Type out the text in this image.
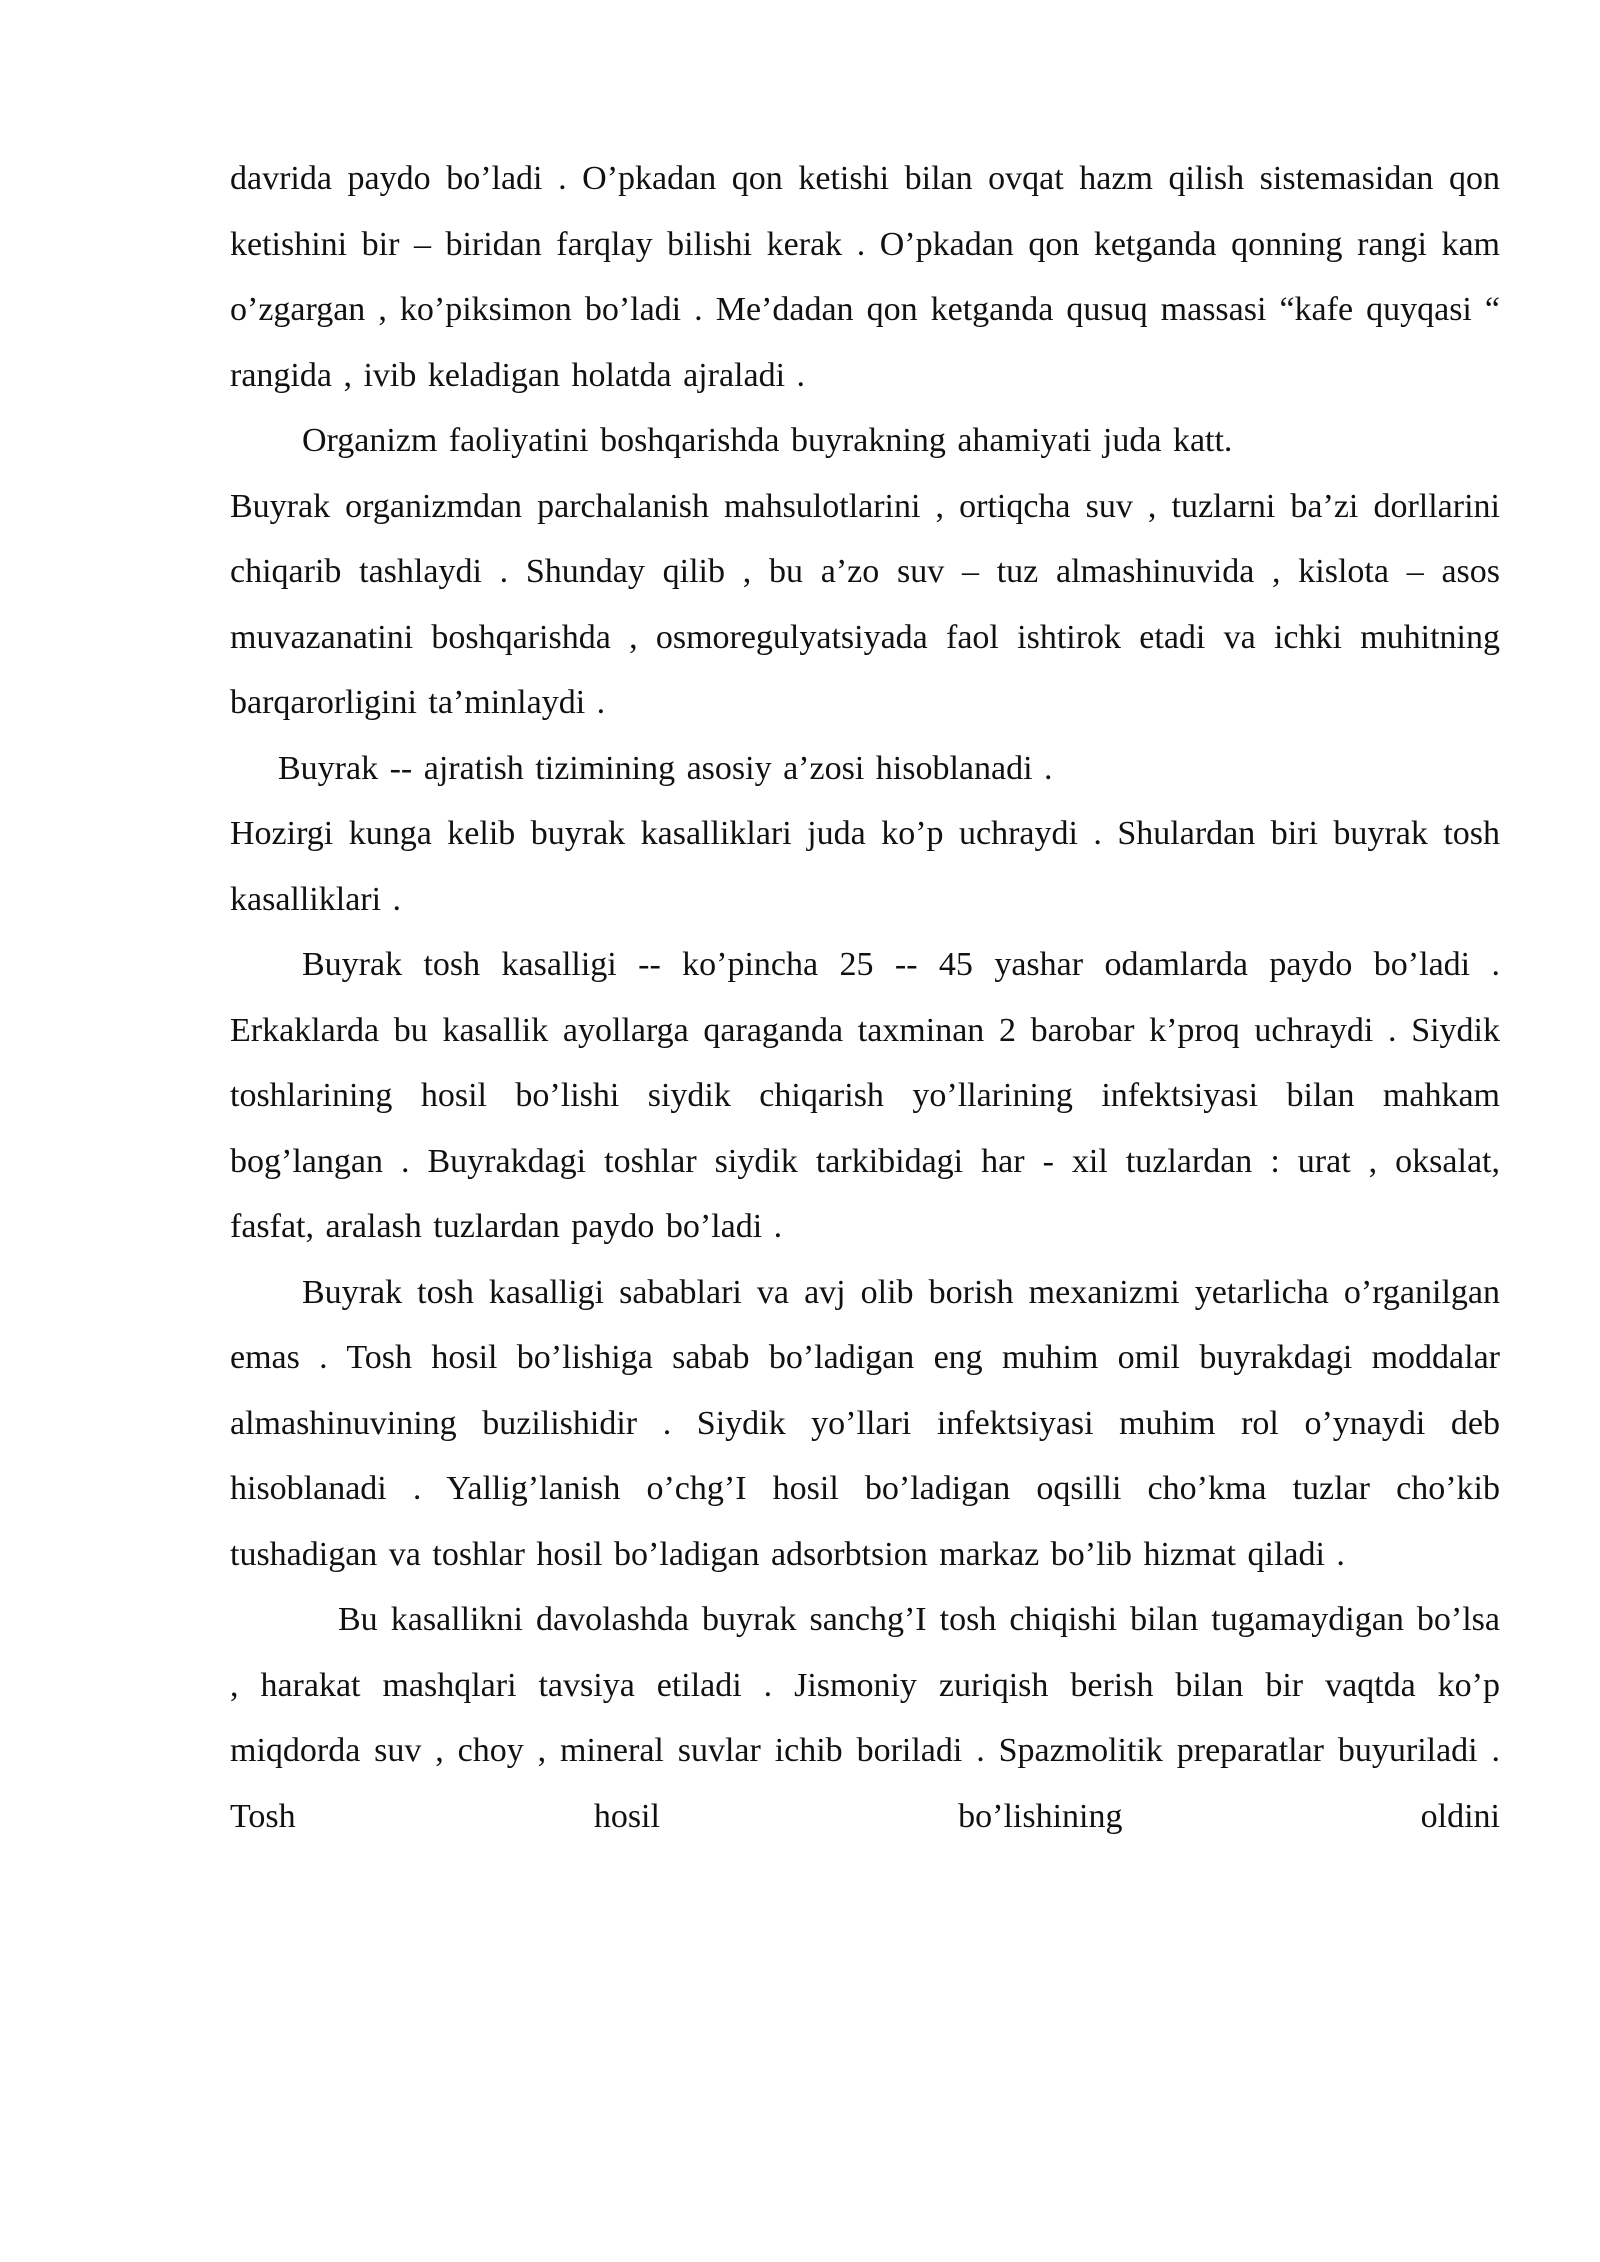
davrida paydo bo’ladi . O’pkadan qon ketishi bilan ovqat hazm qilish sistemasidan qon ketishini bir – biridan farqlay bilishi kerak . O’pkadan qon ketganda qonning rangi kam o’zgargan , ko’piksimon bo’ladi . Me’dadan qon ketganda qusuq massasi “kafe quyqasi “ rangida , ivib keladigan holatda ajraladi .

Organizm faoliyatini boshqarishda buyrakning ahamiyati juda katt.

Buyrak organizmdan parchalanish mahsulotlarini , ortiqcha suv , tuzlarni ba’zi dorllarini chiqarib tashlaydi . Shunday qilib , bu a’zo suv – tuz almashinuvida , kislota – asos muvazanatini boshqarishda , osmoregulyatsiyada faol ishtirok etadi va ichki muhitning barqarorligini ta’minlaydi .

Buyrak -- ajratish tizimining asosiy a’zosi hisoblanadi .

Hozirgi kunga kelib buyrak kasalliklari juda ko’p uchraydi . Shulardan biri buyrak tosh kasalliklari .

Buyrak tosh kasalligi -- ko’pincha 25 -- 45 yashar odamlarda paydo bo’ladi . Erkaklarda bu kasallik ayollarga qaraganda taxminan 2 barobar k’proq uchraydi . Siydik toshlarining hosil bo’lishi siydik chiqarish yo’llarining infektsiyasi bilan mahkam bog’langan . Buyrakdagi toshlar siydik tarkibidagi har - xil tuzlardan : urat , oksalat, fasfat, aralash tuzlardan paydo bo’ladi .

Buyrak tosh kasalligi sabablari va avj olib borish mexanizmi yetarlicha o’rganilgan emas . Tosh hosil bo’lishiga sabab bo’ladigan eng muhim omil buyrakdagi moddalar almashinuvining buzilishidir . Siydik yo’llari infektsiyasi muhim rol o’ynaydi deb hisoblanadi . Yallig’lanish o’chg’I hosil bo’ladigan oqsilli cho’kma tuzlar cho’kib tushadigan va toshlar hosil bo’ladigan adsorbtsion markaz bo’lib hizmat qiladi .

Bu kasallikni davolashda buyrak sanchg’I tosh chiqishi bilan tugamaydigan bo’lsa , harakat mashqlari tavsiya etiladi . Jismoniy zuriqish berish bilan bir vaqtda ko’p miqdorda suv , choy , mineral suvlar ichib boriladi . Spazmolitik preparatlar buyuriladi . Tosh hosil bo’lishining oldini
